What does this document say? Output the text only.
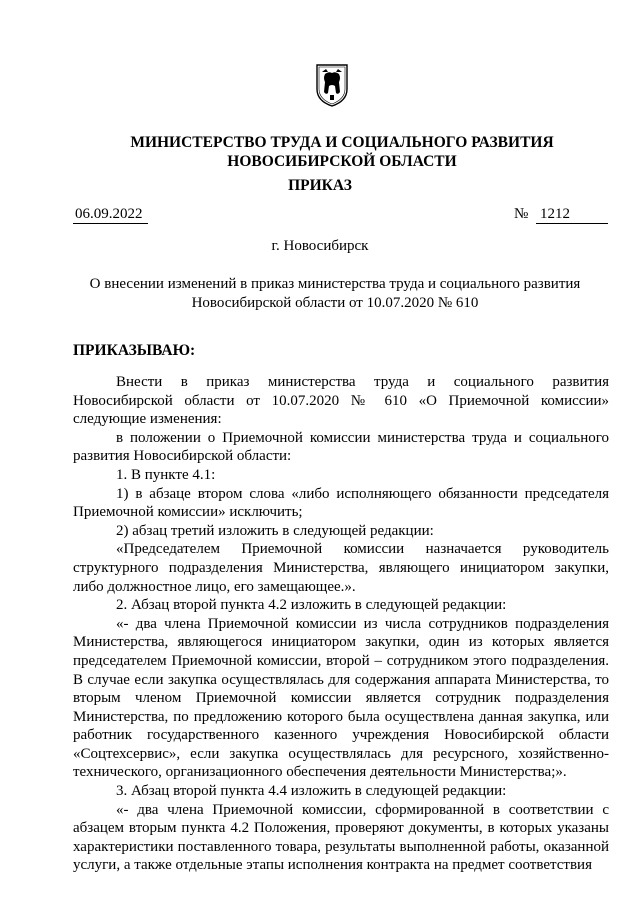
МИНИСТЕРСТВО ТРУДА И СОЦИАЛЬНОГО РАЗВИТИЯ
НОВОСИБИРСКОЙ ОБЛАСТИ
ПРИКАЗ
06.09.2022	№ 1212
г. Новосибирск
О внесении изменений в приказ министерства труда и социального развития
Новосибирской области от 10.07.2020 № 610
ПРИКАЗЫВАЮ:

Внести в приказ министерства труда и социального развития Новосибирской области от 10.07.2020 № 610 «О Приемочной комиссии» следующие изменения:

в положении о Приемочной комиссии министерства труда и социального развития Новосибирской области:

1. В пункте 4.1:

1) в абзаце втором слова «либо исполняющего обязанности председателя Приемочной комиссии» исключить;

2) абзац третий изложить в следующей редакции:

«Председателем Приемочной комиссии назначается руководитель структурного подразделения Министерства, являющего инициатором закупки, либо должностное лицо, его замещающее.».

2. Абзац второй пункта 4.2 изложить в следующей редакции:

«- два члена Приемочной комиссии из числа сотрудников подразделения Министерства, являющегося инициатором закупки, один из которых является председателем Приемочной комиссии, второй – сотрудником этого подразделения. В случае если закупка осуществлялась для содержания аппарата Министерства, то вторым членом Приемочной комиссии является сотрудник подразделения Министерства, по предложению которого была осуществлена данная закупка, или работник государственного казенного учреждения Новосибирской области «Соцтехсервис», если закупка осуществлялась для ресурсного, хозяйственно-технического, организационного обеспечения деятельности Министерства;».

3. Абзац второй пункта 4.4 изложить в следующей редакции:

«- два члена Приемочной комиссии, сформированной в соответствии с абзацем вторым пункта 4.2 Положения, проверяют документы, в которых указаны характеристики поставленного товара, результаты выполненной работы, оказанной услуги, а также отдельные этапы исполнения контракта на предмет соответствия
